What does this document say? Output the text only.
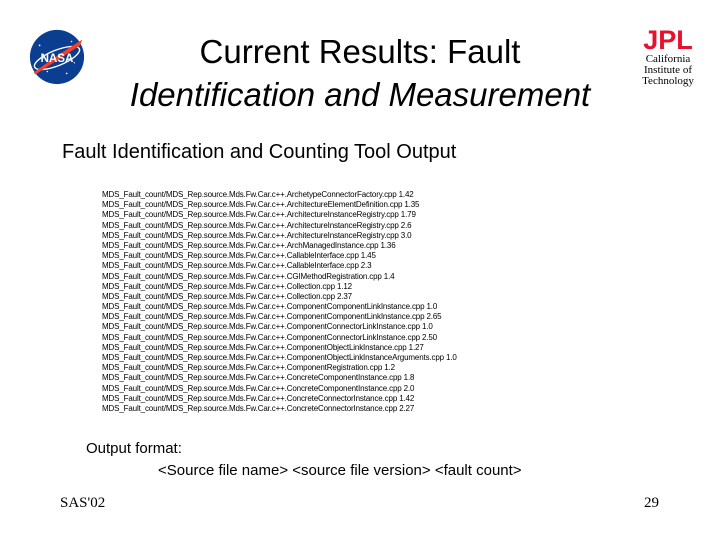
NASA	Current Results: Fault
Identification and Measurement
JPL
California
Institute of
Technology
Fault Identification and Counting Tool Output
MDS_Fault_count/MDS_Rep.source.Mds.Fw.Car.c++.ArchetypeConnectorFactory.cpp 1.42
MDS_Fault_count/MDS_Rep.source.Mds.Fw.Car.c++.ArchitectureElementDefinition.cpp 1.35
MDS_Fault_count/MDS_Rep.source.Mds.Fw.Car.c++.ArchitectureInstanceRegistry.cpp 1.79
MDS_Fault_count/MDS_Rep.source.Mds.Fw.Car.c++.ArchitectureInstanceRegistry.cpp 2.6
MDS_Fault_count/MDS_Rep.source.Mds.Fw.Car.c++.ArchitectureInstanceRegistry.cpp 3.0
MDS_Fault_count/MDS_Rep.source.Mds.Fw.Car.c++.ArchManagedInstance.cpp 1.36
MDS_Fault_count/MDS_Rep.source.Mds.Fw.Car.c++.CallableInterface.cpp 1.45
MDS_Fault_count/MDS_Rep.source.Mds.Fw.Car.c++.CallableInterface.cpp 2.3
MDS_Fault_count/MDS_Rep.source.Mds.Fw.Car.c++.CGIMethodRegistration.cpp 1.4
MDS_Fault_count/MDS_Rep.source.Mds.Fw.Car.c++.Collection.cpp 1.12
MDS_Fault_count/MDS_Rep.source.Mds.Fw.Car.c++.Collection.cpp 2.37
MDS_Fault_count/MDS_Rep.source.Mds.Fw.Car.c++.ComponentComponentLinkInstance.cpp 1.0
MDS_Fault_count/MDS_Rep.source.Mds.Fw.Car.c++.ComponentComponentLinkInstance.cpp 2.65
MDS_Fault_count/MDS_Rep.source.Mds.Fw.Car.c++.ComponentConnectorLinkInstance.cpp 1.0
MDS_Fault_count/MDS_Rep.source.Mds.Fw.Car.c++.ComponentConnectorLinkInstance.cpp 2.50
MDS_Fault_count/MDS_Rep.source.Mds.Fw.Car.c++.ComponentObjectLinkInstance.cpp 1.27
MDS_Fault_count/MDS_Rep.source.Mds.Fw.Car.c++.ComponentObjectLinkInstanceArguments.cpp 1.0
MDS_Fault_count/MDS_Rep.source.Mds.Fw.Car.c++.ComponentRegistration.cpp 1.2
MDS_Fault_count/MDS_Rep.source.Mds.Fw.Car.c++.ConcreteComponentInstance.cpp 1.8
MDS_Fault_count/MDS_Rep.source.Mds.Fw.Car.c++.ConcreteComponentInstance.cpp 2.0
MDS_Fault_count/MDS_Rep.source.Mds.Fw.Car.c++.ConcreteConnectorInstance.cpp 1.42
MDS_Fault_count/MDS_Rep.source.Mds.Fw.Car.c++.ConcreteConnectorInstance.cpp 2.27
Output format:
<Source file name> <source file version> <fault count>
SAS'02	29
